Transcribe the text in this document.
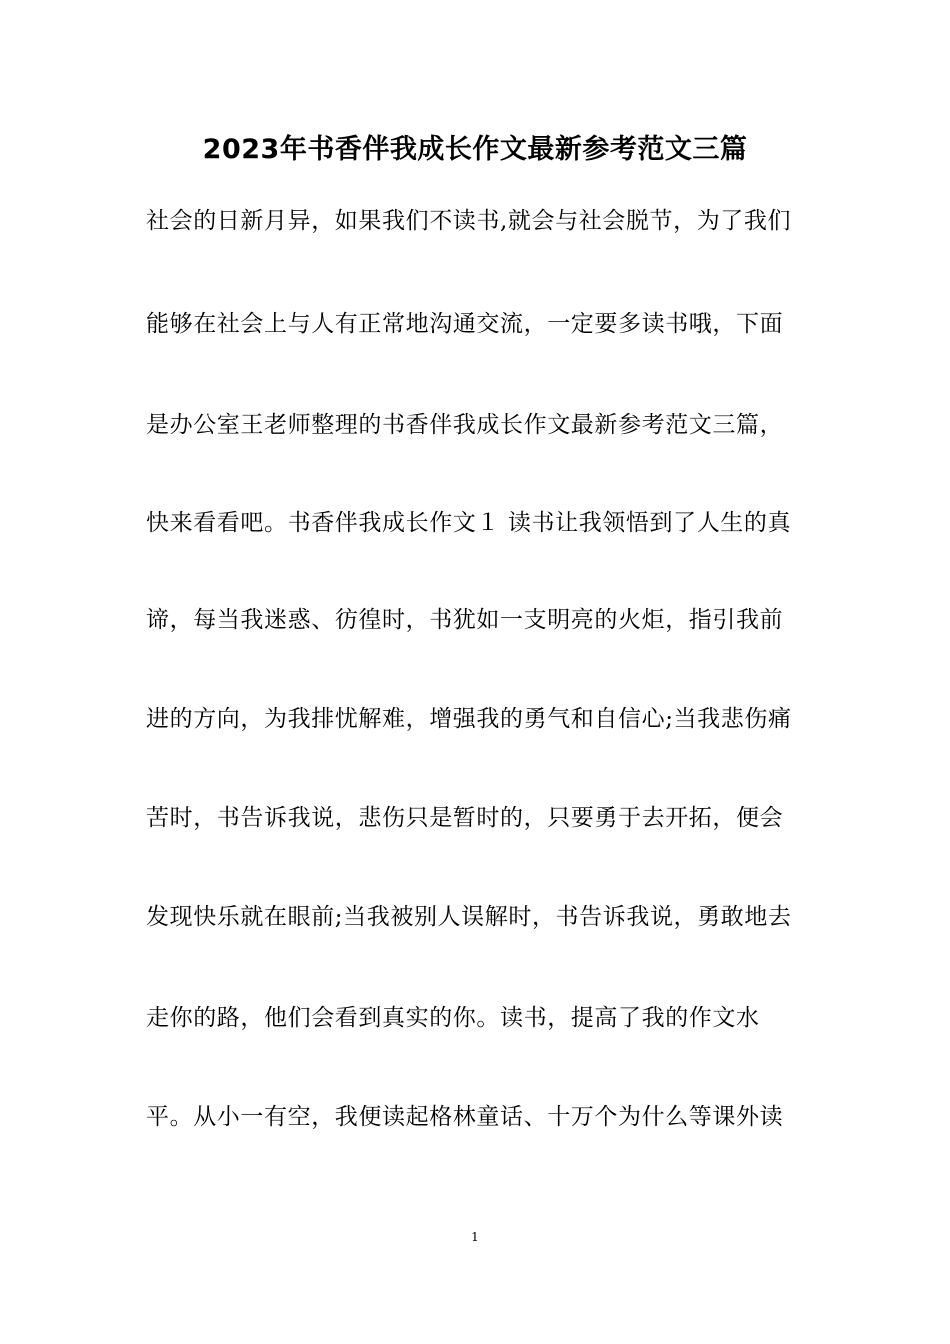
2023年书香伴我成长作文最新参考范文三篇

社会的日新月异，如果我们不读书,就会与社会脱节，为了我们

能够在社会上与人有正常地沟通交流，一定要多读书哦，下面

是办公室王老师整理的书香伴我成长作文最新参考范文三篇，

快来看看吧。书香伴我成长作文１ 读书让我领悟到了人生的真

谛，每当我迷惑、彷徨时，书犹如一支明亮的火炬，指引我前

进的方向，为我排忧解难，增强我的勇气和自信心;当我悲伤痛

苦时，书告诉我说，悲伤只是暂时的，只要勇于去开拓，便会

发现快乐就在眼前;当我被别人误解时，书告诉我说，勇敢地去

走你的路，他们会看到真实的你。读书，提高了我的作文水

平。从小一有空，我便读起格林童话、十万个为什么等课外读

1
